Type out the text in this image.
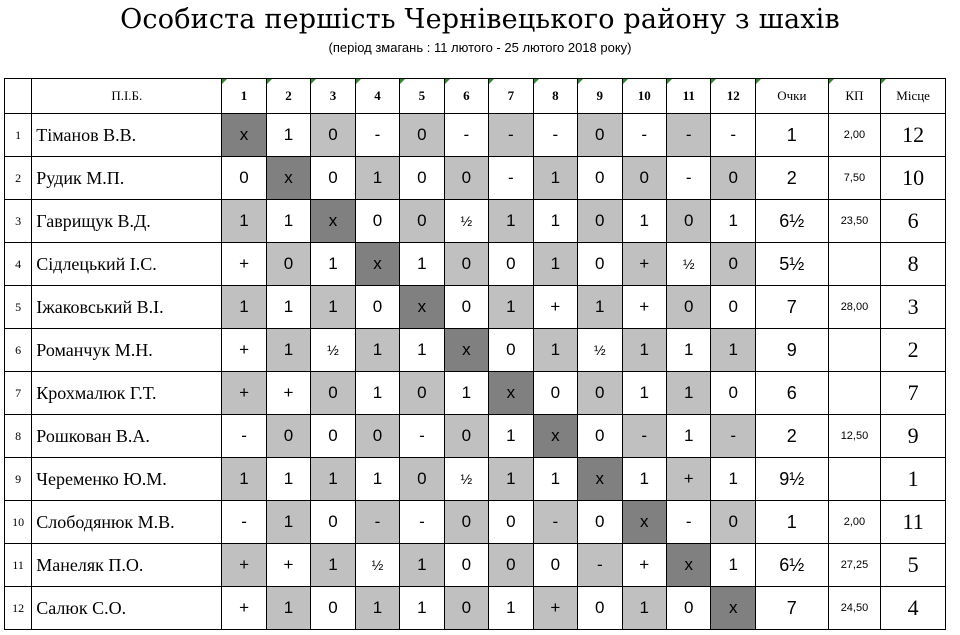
Особиста першість Чернівецького району з шахів
(період змагань : 11 лютого - 25 лютого 2018 року)
	П.І.Б.	1	2	3	4	5	6	7	8	9	10	11	12	Очки	КП	Місце
1	Тіманов В.В.	x	1	0	-	0	-	-	-	0	-	-	-	1	2,00	12
2	Рудик М.П.	0	x	0	1	0	0	-	1	0	0	-	0	2	7,50	10
3	Гаврищук В.Д.	1	1	x	0	0	½	1	1	0	1	0	1	6½	23,50	6
4	Сідлецький І.С.	+	0	1	x	1	0	0	1	0	+	½	0	5½		8
5	Іжаковський В.І.	1	1	1	0	x	0	1	+	1	+	0	0	7	28,00	3
6	Романчук М.Н.	+	1	½	1	1	x	0	1	½	1	1	1	9		2
7	Крохмалюк Г.Т.	+	+	0	1	0	1	x	0	0	1	1	0	6		7
8	Рошкован В.А.	-	0	0	0	-	0	1	x	0	-	1	-	2	12,50	9
9	Череменко Ю.М.	1	1	1	1	0	½	1	1	x	1	+	1	9½		1
10	Слободянюк М.В.	-	1	0	-	-	0	0	-	0	x	-	0	1	2,00	11
11	Манеляк П.О.	+	+	1	½	1	0	0	0	-	+	x	1	6½	27,25	5
12	Салюк С.О.	+	1	0	1	1	0	1	+	0	1	0	x	7	24,50	4
